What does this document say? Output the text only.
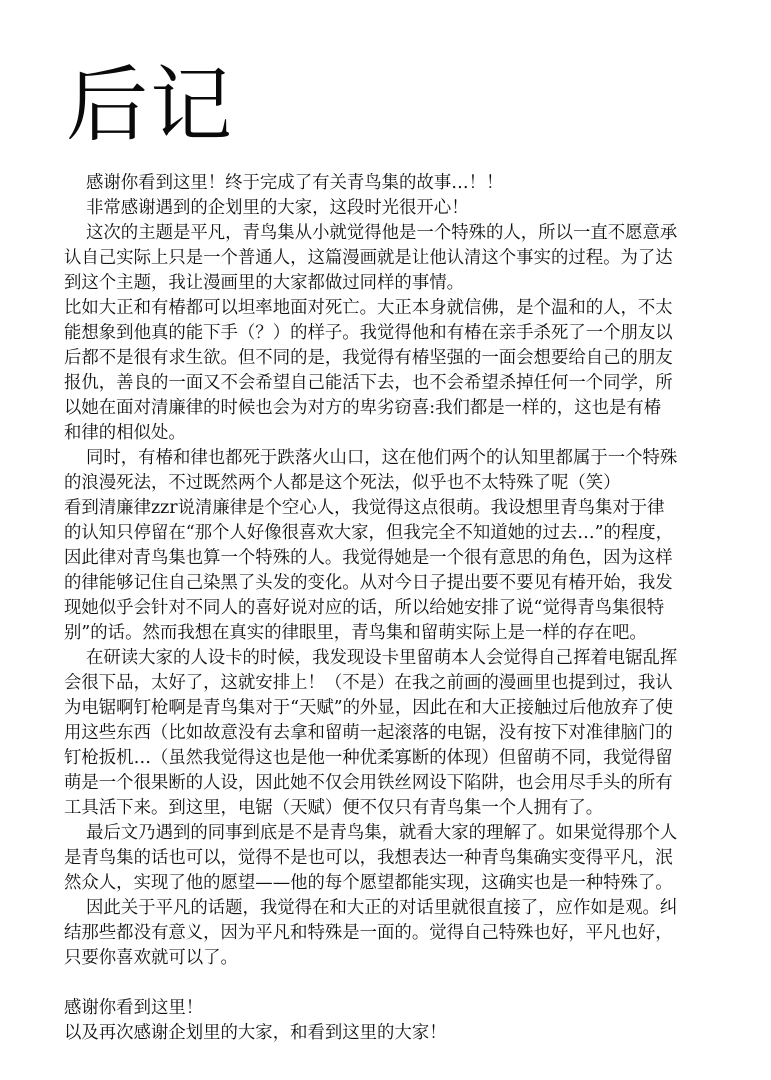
后记
感谢你看到这里！终于完成了有关青鸟集的故事…！！
非常感谢遇到的企划里的大家，这段时光很开心！
这次的主题是平凡，青鸟集从小就觉得他是一个特殊的人，所以一直不愿意承
认自己实际上只是一个普通人，这篇漫画就是让他认清这个事实的过程。为了达
到这个主题，我让漫画里的大家都做过同样的事情。
比如大正和有椿都可以坦率地面对死亡。大正本身就信佛，是个温和的人，不太
能想象到他真的能下手（？）的样子。我觉得他和有椿在亲手杀死了一个朋友以
后都不是很有求生欲。但不同的是，我觉得有椿坚强的一面会想要给自己的朋友
报仇，善良的一面又不会希望自己能活下去，也不会希望杀掉任何一个同学，所
以她在面对清廉律的时候也会为对方的卑劣窃喜:我们都是一样的，这也是有椿
和律的相似处。
同时，有椿和律也都死于跌落火山口，这在他们两个的认知里都属于一个特殊
的浪漫死法，不过既然两个人都是这个死法，似乎也不太特殊了呢（笑）
看到清廉律zzr说清廉律是个空心人，我觉得这点很萌。我设想里青鸟集对于律
的认知只停留在“那个人好像很喜欢大家，但我完全不知道她的过去…”的程度，
因此律对青鸟集也算一个特殊的人。我觉得她是一个很有意思的角色，因为这样
的律能够记住自己染黑了头发的变化。从对今日子提出要不要见有椿开始，我发
现她似乎会针对不同人的喜好说对应的话，所以给她安排了说“觉得青鸟集很特
别”的话。然而我想在真实的律眼里，青鸟集和留萌实际上是一样的存在吧。
在研读大家的人设卡的时候，我发现设卡里留萌本人会觉得自己挥着电锯乱挥
会很下品，太好了，这就安排上！（不是）在我之前画的漫画里也提到过，我认
为电锯啊钉枪啊是青鸟集对于“天赋”的外显，因此在和大正接触过后他放弃了使
用这些东西（比如故意没有去拿和留萌一起滚落的电锯，没有按下对准律脑门的
钉枪扳机…（虽然我觉得这也是他一种优柔寡断的体现）但留萌不同，我觉得留
萌是一个很果断的人设，因此她不仅会用铁丝网设下陷阱，也会用尽手头的所有
工具活下来。到这里，电锯（天赋）便不仅只有青鸟集一个人拥有了。
最后文乃遇到的同事到底是不是青鸟集，就看大家的理解了。如果觉得那个人
是青鸟集的话也可以，觉得不是也可以，我想表达一种青鸟集确实变得平凡，泯
然众人，实现了他的愿望——他的每个愿望都能实现，这确实也是一种特殊了。
因此关于平凡的话题，我觉得在和大正的对话里就很直接了，应作如是观。纠
结那些都没有意义，因为平凡和特殊是一面的。觉得自己特殊也好，平凡也好，
只要你喜欢就可以了。
感谢你看到这里！
以及再次感谢企划里的大家，和看到这里的大家！
